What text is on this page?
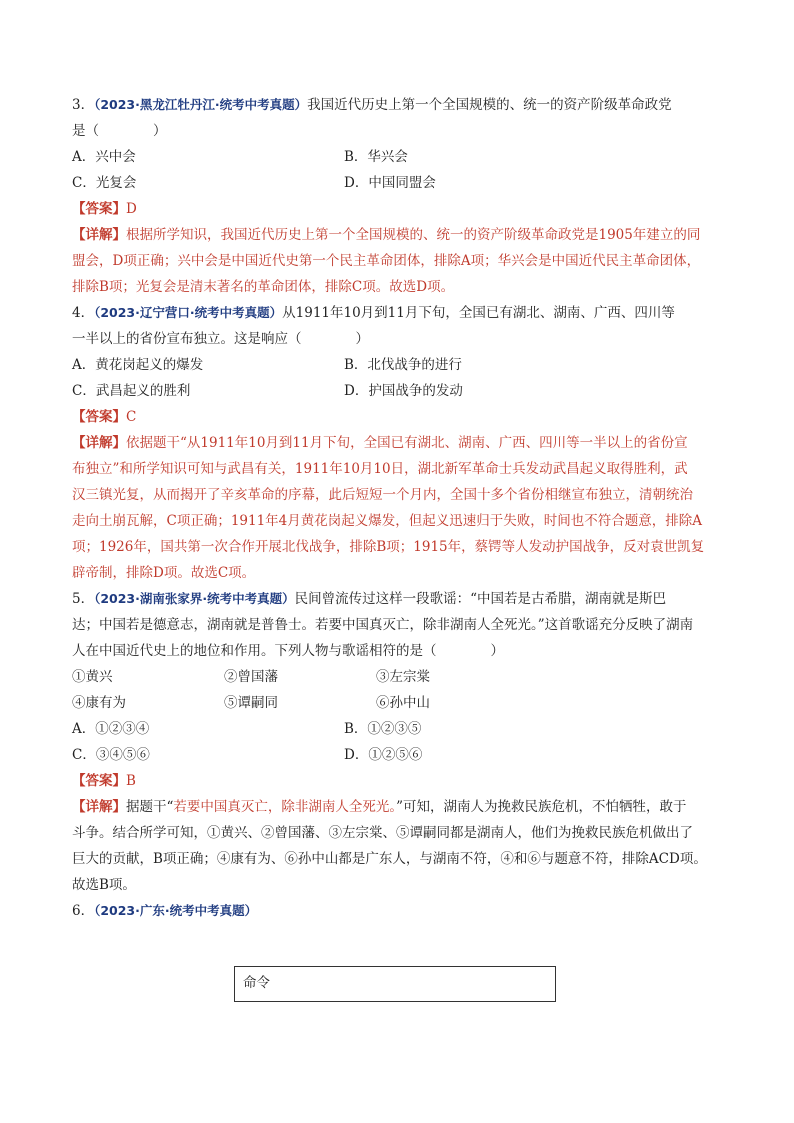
3．（2023·黑龙江牡丹江·统考中考真题）我国近代历史上第一个全国规模的、统一的资产阶级革命政党
是（　　　　）
A．兴中会	B．华兴会
C．光复会	D．中国同盟会
【答案】D
【详解】根据所学知识，我国近代历史上第一个全国规模的、统一的资产阶级革命政党是1905年建立的同
盟会，D项正确；兴中会是中国近代史第一个民主革命团体，排除A项；华兴会是中国近代民主革命团体，
排除B项；光复会是清末著名的革命团体，排除C项。故选D项。
4．（2023·辽宁营口·统考中考真题）从1911年10月到11月下旬，全国已有湖北、湖南、广西、四川等
一半以上的省份宣布独立。这是响应（　　　　）
A．黄花岗起义的爆发	B．北伐战争的进行
C．武昌起义的胜利	D．护国战争的发动
【答案】C
【详解】依据题干“从1911年10月到11月下旬，全国已有湖北、湖南、广西、四川等一半以上的省份宣
布独立”和所学知识可知与武昌有关，1911年10月10日，湖北新军革命士兵发动武昌起义取得胜利，武
汉三镇光复，从而揭开了辛亥革命的序幕，此后短短一个月内，全国十多个省份相继宣布独立，清朝统治
走向土崩瓦解，C项正确；1911年4月黄花岗起义爆发，但起义迅速归于失败，时间也不符合题意，排除A
项；1926年，国共第一次合作开展北伐战争，排除B项；1915年，蔡锷等人发动护国战争，反对袁世凯复
辟帝制，排除D项。故选C项。
5．（2023·湖南张家界·统考中考真题）民间曾流传过这样一段歌谣：“中国若是古希腊，湖南就是斯巴
达；中国若是德意志，湖南就是普鲁士。若要中国真灭亡，除非湖南人全死光。”这首歌谣充分反映了湖南
人在中国近代史上的地位和作用。下列人物与歌谣相符的是（　　　　）
①黄兴	②曾国藩	③左宗棠
④康有为	⑤谭嗣同	⑥孙中山
A．①②③④	B．①②③⑤
C．③④⑤⑥	D．①②⑤⑥
【答案】B
【详解】据题干“若要中国真灭亡，除非湖南人全死光。”可知，湖南人为挽救民族危机，不怕牺牲，敢于
斗争。结合所学可知，①黄兴、②曾国藩、③左宗棠、⑤谭嗣同都是湖南人，他们为挽救民族危机做出了
巨大的贡献，B项正确；④康有为、⑥孙中山都是广东人，与湖南不符，④和⑥与题意不符，排除ACD项。
故选B项。
6．（2023·广东·统考中考真题）
命令
